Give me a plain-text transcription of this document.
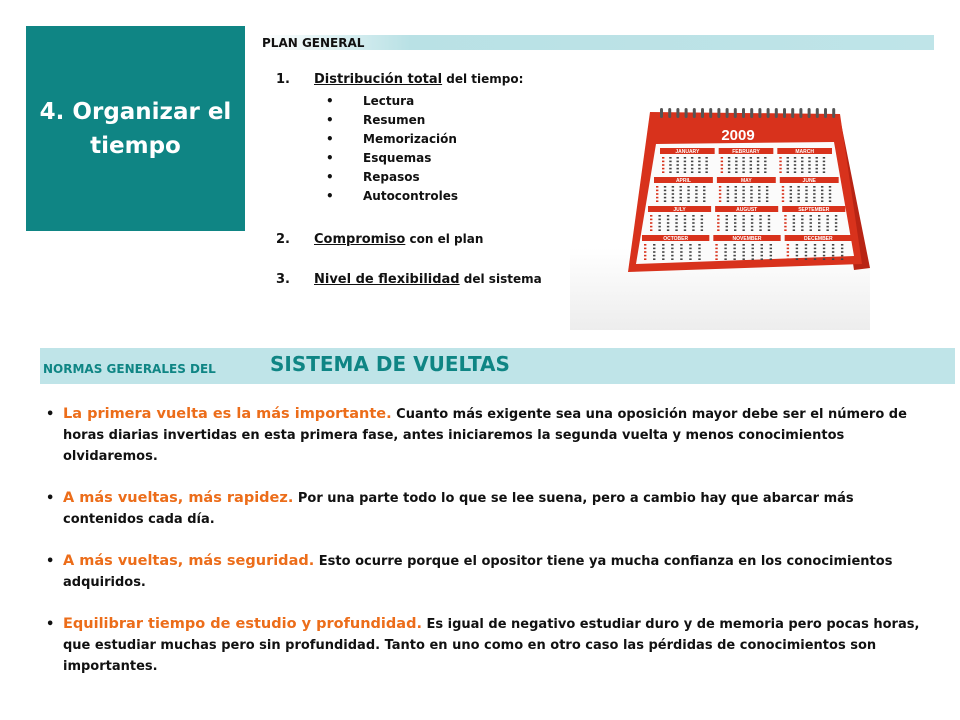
4. Organizar el tiempo
PLAN GENERAL
1. Distribución total del tiempo:
• Lectura
• Resumen
• Memorización
• Esquemas
• Repasos
• Autocontroles
2. Compromiso con el plan
3. Nivel de flexibilidad del sistema
JANUARY	FEBRUARY	MARCH
APRIL	MAY	JUNE
JULY	AUGUST	SEPTEMBER
OCTOBER	NOVEMBER	DECEMBER
2009
NORMAS GENERALES DEL	SISTEMA DE VUELTAS
• La primera vuelta es la más importante. Cuanto más exigente sea una oposición mayor debe ser el número de horas diarias invertidas en esta primera fase, antes iniciaremos la segunda vuelta y menos conocimientos olvidaremos.
• A más vueltas, más rapidez. Por una parte todo lo que se lee suena, pero a cambio hay que abarcar más contenidos cada día.
• A más vueltas, más seguridad. Esto ocurre porque el opositor tiene ya mucha confianza en los conocimientos adquiridos.
• Equilibrar tiempo de estudio y profundidad. Es igual de negativo estudiar duro y de memoria pero pocas horas, que estudiar muchas pero sin profundidad. Tanto en uno como en otro caso las pérdidas de conocimientos son importantes.
